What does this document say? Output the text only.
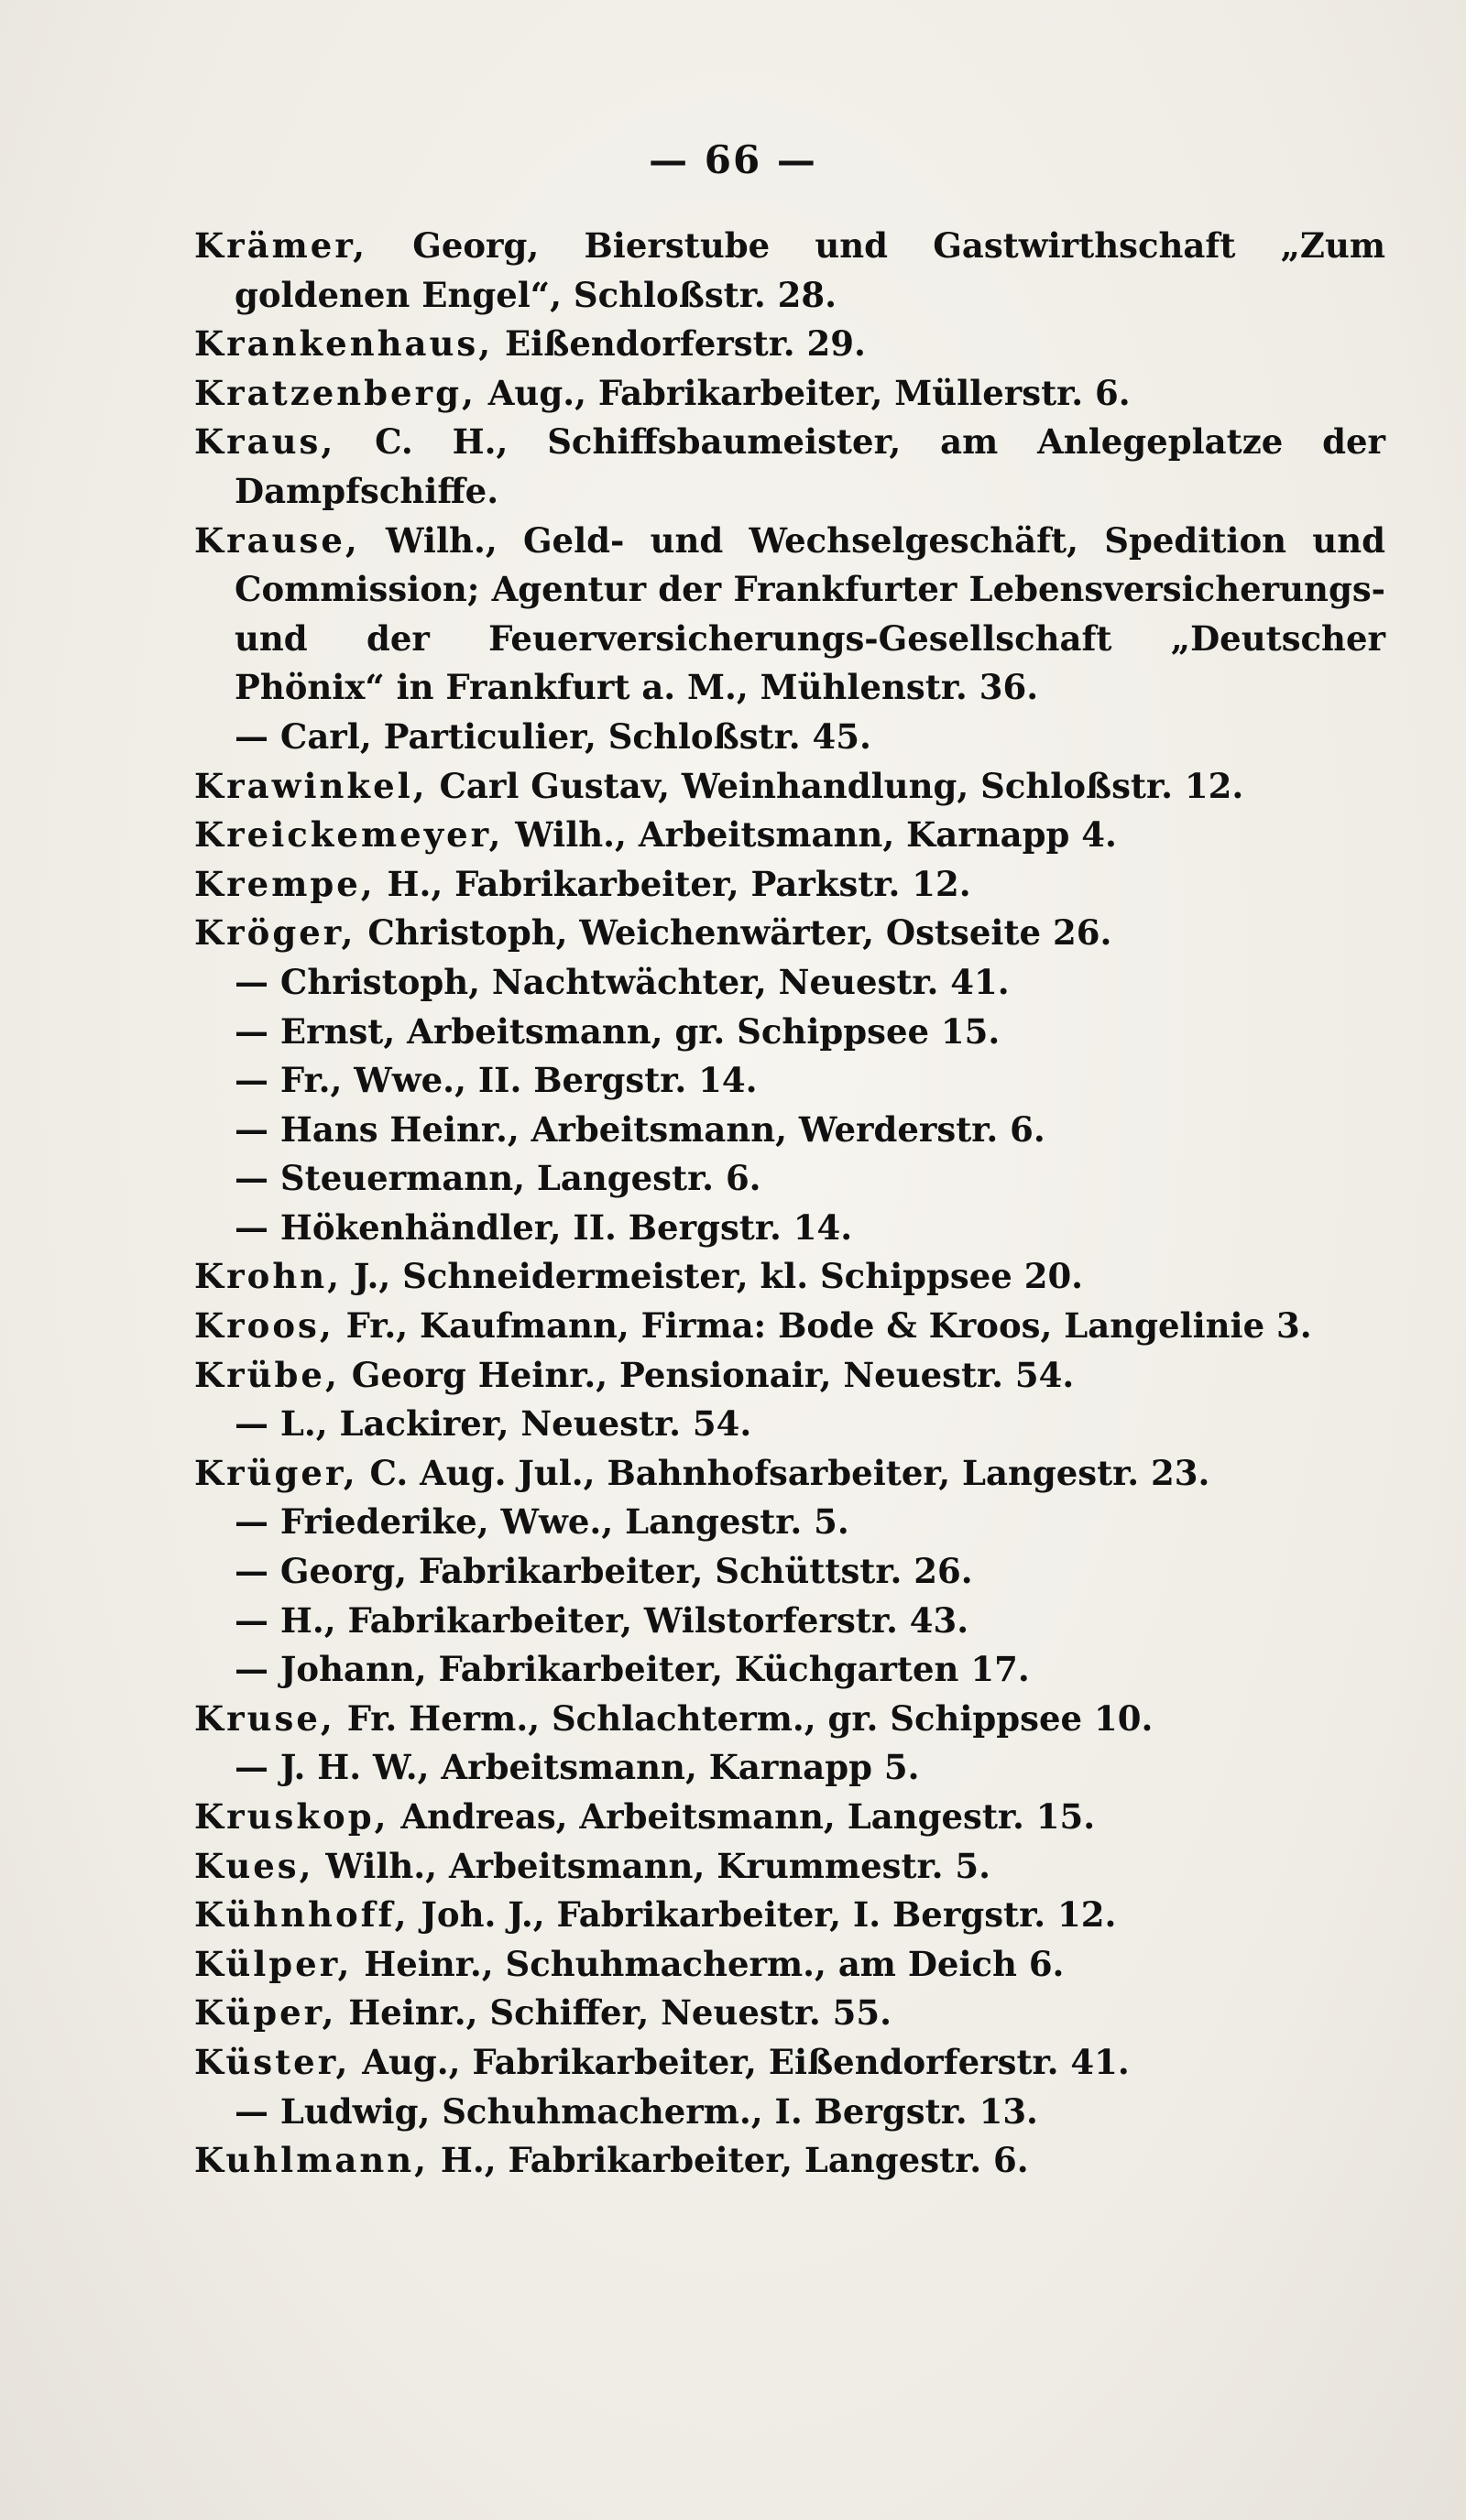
— 66 —
Krämer, Georg, Bierstube und Gastwirthschaft „Zum goldenen Engel“, Schloßstr. 28.
Krankenhaus, Eißendorferstr. 29.
Kratzenberg, Aug., Fabrikarbeiter, Müllerstr. 6.
Kraus, C. H., Schiffsbaumeister, am Anlegeplatze der Dampfschiffe.
Krause, Wilh., Geld- und Wechselgeschäft, Spedition und Commission; Agentur der Frankfurter Lebensversicherungs- und der Feuerversicherungs-Gesellschaft „Deutscher Phönix“ in Frankfurt a. M., Mühlenstr. 36.
— Carl, Particulier, Schloßstr. 45.
Krawinkel, Carl Gustav, Weinhandlung, Schloßstr. 12.
Kreickemeyer, Wilh., Arbeitsmann, Karnapp 4.
Krempe, H., Fabrikarbeiter, Parkstr. 12.
Kröger, Christoph, Weichenwärter, Ostseite 26.
— Christoph, Nachtwächter, Neuestr. 41.
— Ernst, Arbeitsmann, gr. Schippsee 15.
— Fr., Wwe., II. Bergstr. 14.
— Hans Heinr., Arbeitsmann, Werderstr. 6.
— Steuermann, Langestr. 6.
— Hökenhändler, II. Bergstr. 14.
Krohn, J., Schneidermeister, kl. Schippsee 20.
Kroos, Fr., Kaufmann, Firma: Bode & Kroos, Langelinie 3.
Krübe, Georg Heinr., Pensionair, Neuestr. 54.
— L., Lackirer, Neuestr. 54.
Krüger, C. Aug. Jul., Bahnhofsarbeiter, Langestr. 23.
— Friederike, Wwe., Langestr. 5.
— Georg, Fabrikarbeiter, Schüttstr. 26.
— H., Fabrikarbeiter, Wilstorferstr. 43.
— Johann, Fabrikarbeiter, Küchgarten 17.
Kruse, Fr. Herm., Schlachterm., gr. Schippsee 10.
— J. H. W., Arbeitsmann, Karnapp 5.
Kruskop, Andreas, Arbeitsmann, Langestr. 15.
Kues, Wilh., Arbeitsmann, Krummestr. 5.
Kühnhoff, Joh. J., Fabrikarbeiter, I. Bergstr. 12.
Külper, Heinr., Schuhmacherm., am Deich 6.
Küper, Heinr., Schiffer, Neuestr. 55.
Küster, Aug., Fabrikarbeiter, Eißendorferstr. 41.
— Ludwig, Schuhmacherm., I. Bergstr. 13.
Kuhlmann, H., Fabrikarbeiter, Langestr. 6.
